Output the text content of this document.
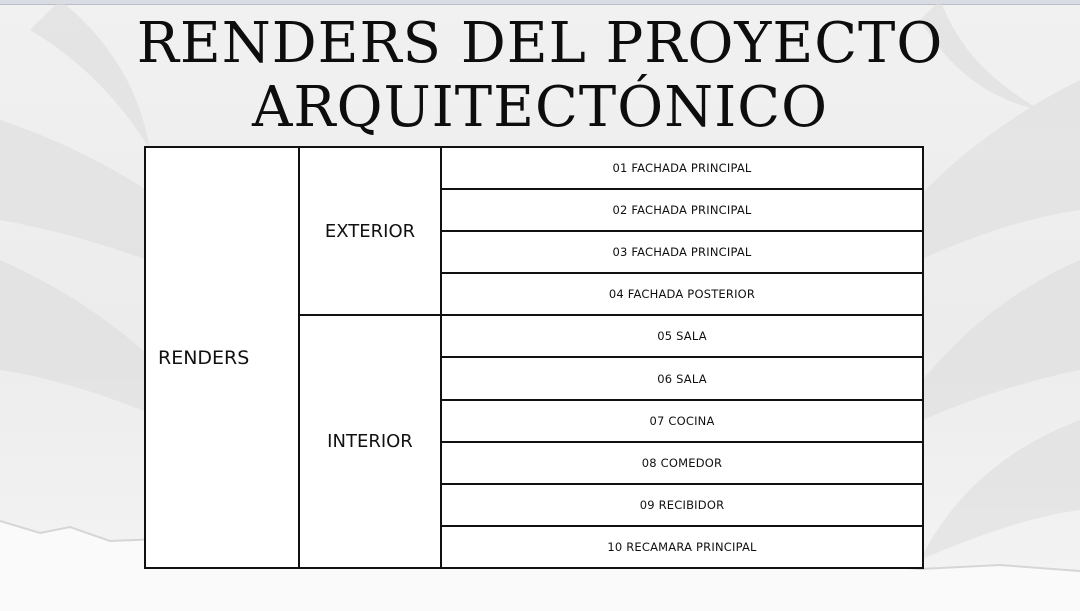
RENDERS DEL PROYECTO
ARQUITECTÓNICO
RENDERS	EXTERIOR	01 FACHADA PRINCIPAL
		02 FACHADA PRINCIPAL
		03 FACHADA PRINCIPAL
		04 FACHADA POSTERIOR
	INTERIOR	05 SALA
		06 SALA
		07 COCINA
		08 COMEDOR
		09 RECIBIDOR
		10 RECAMARA PRINCIPAL
